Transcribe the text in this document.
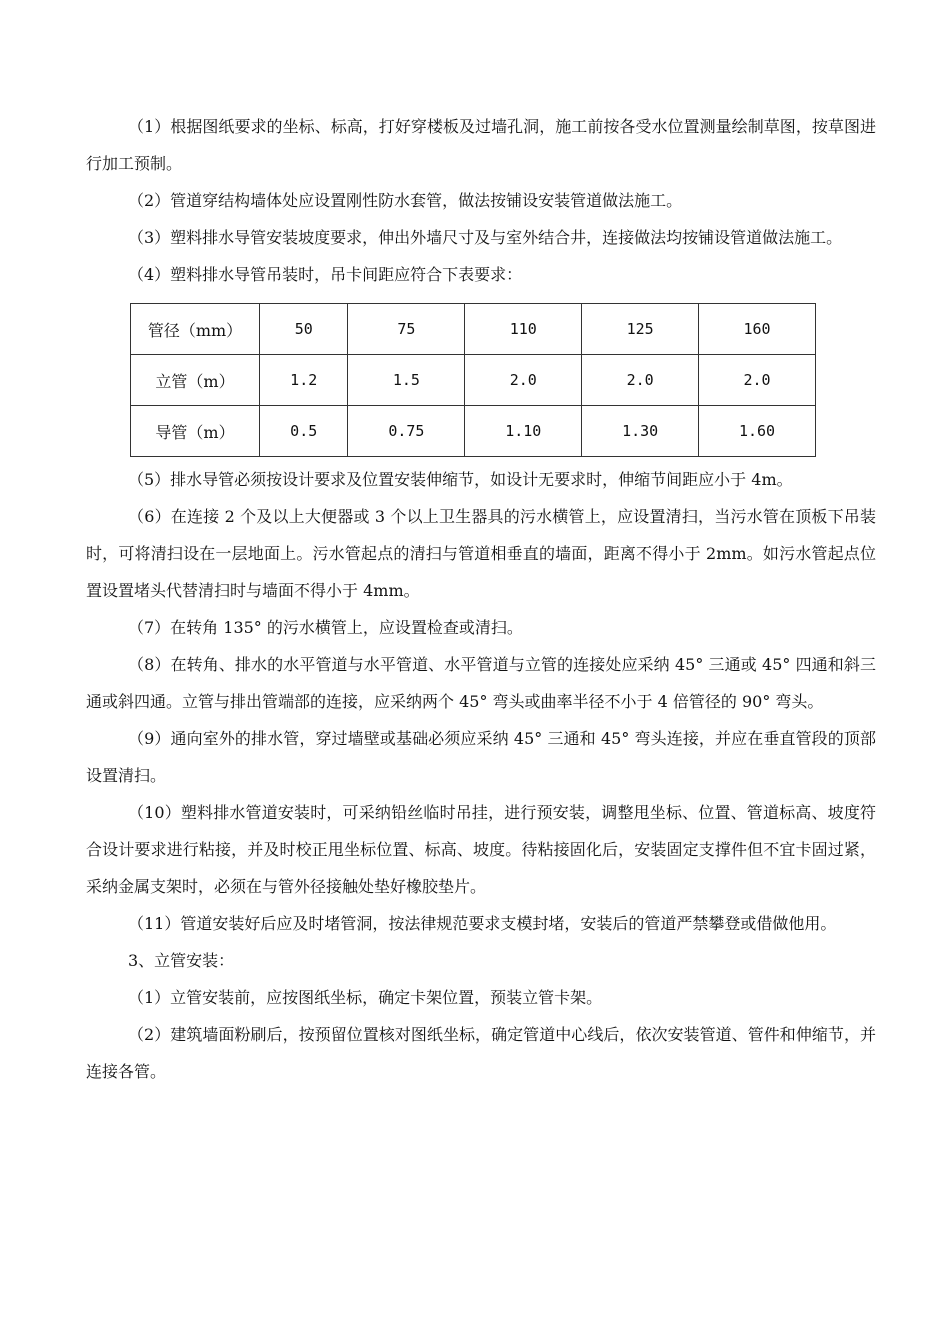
（1）根据图纸要求的坐标、标高，打好穿楼板及过墙孔洞，施工前按各受水位置测量绘制草图，按草图进行加工预制。

（2）管道穿结构墙体处应设置刚性防水套管，做法按铺设安装管道做法施工。

（3）塑料排水导管安装坡度要求，伸出外墙尺寸及与室外结合井，连接做法均按铺设管道做法施工。

（4）塑料排水导管吊装时，吊卡间距应符合下表要求：

管径（mm）	50	75	110	125	160
立管（m）	1.2	1.5	2.0	2.0	2.0
导管（m）	0.5	0.75	1.10	1.30	1.60

（5）排水导管必须按设计要求及位置安装伸缩节，如设计无要求时，伸缩节间距应小于 4m。

（6）在连接 2 个及以上大便器或 3 个以上卫生器具的污水横管上，应设置清扫，当污水管在顶板下吊装时，可将清扫设在一层地面上。污水管起点的清扫与管道相垂直的墙面，距离不得小于 2mm。如污水管起点位置设置堵头代替清扫时与墙面不得小于 4mm。

（7）在转角 135° 的污水横管上，应设置检查或清扫。

（8）在转角、排水的水平管道与水平管道、水平管道与立管的连接处应采纳 45° 三通或 45° 四通和斜三通或斜四通。立管与排出管端部的连接，应采纳两个 45° 弯头或曲率半径不小于 4 倍管径的 90° 弯头。

（9）通向室外的排水管，穿过墙壁或基础必须应采纳 45° 三通和 45° 弯头连接，并应在垂直管段的顶部设置清扫。

（10）塑料排水管道安装时，可采纳铅丝临时吊挂，进行预安装，调整甩坐标、位置、管道标高、坡度符合设计要求进行粘接，并及时校正甩坐标位置、标高、坡度。待粘接固化后，安装固定支撑件但不宜卡固过紧，采纳金属支架时，必须在与管外径接触处垫好橡胶垫片。

（11）管道安装好后应及时堵管洞，按法律规范要求支模封堵，安装后的管道严禁攀登或借做他用。

3、立管安装：

（1）立管安装前，应按图纸坐标，确定卡架位置，预装立管卡架。

（2）建筑墙面粉刷后，按预留位置核对图纸坐标，确定管道中心线后，依次安装管道、管件和伸缩节，并连接各管。
